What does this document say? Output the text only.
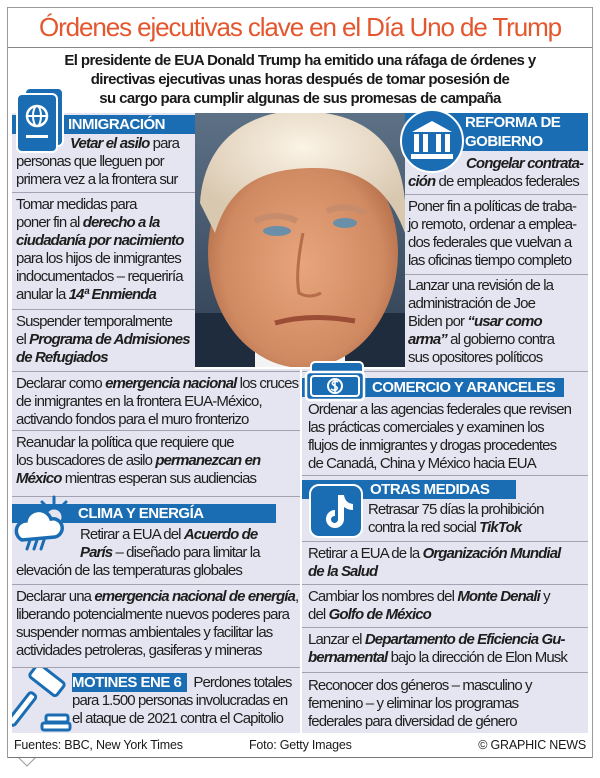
Órdenes ejecutivas clave en el Día Uno de Trump
El presidente de EUA Donald Trump ha emitido una ráfaga de órdenes y
directivas ejecutivas unas horas después de tomar posesión de
su cargo para cumplir algunas de sus promesas de campaña
INMIGRACIÓN
Vetar el asilo para
personas que lleguen por
primera vez a la frontera sur
Tomar medidas para
poner fin al derecho a la
ciudadanía por nacimiento
para los hijos de inmigrantes
indocumentados – requeriría
anular la 14ª Enmienda
Suspender temporalmente
el Programa de Admisiones
de Refugiados
Declarar como emergencia nacional los cruces
de inmigrantes en la frontera EUA-México,
activando fondos para el muro fronterizo
Reanudar la política que requiere que
los buscadores de asilo permanezcan en
México mientras esperan sus audiencias
REFORMA DE
GOBIERNO
Congelar contrata-
ción de empleados federales
Poner fin a políticas de traba-
jo remoto, ordenar a emplea-
dos federales que vuelvan a
las oficinas tiempo completo
Lanzar una revisión de la
administración de Joe
Biden por “usar como
arma” al gobierno contra
sus opositores políticos
COMERCIO Y ARANCELES
Ordenar a las agencias federales que revisen
las prácticas comerciales y examinen los
flujos de inmigrantes y drogas procedentes
de Canadá, China y México hacia EUA
OTRAS MEDIDAS
Retrasar 75 días la prohibición
contra la red social TikTok
Retirar a EUA de la Organización Mundial
de la Salud
Cambiar los nombres del Monte Denali y
del Golfo de México
Lanzar el Departamento de Eficiencia Gu-
bernamental bajo la dirección de Elon Musk
Reconocer dos géneros – masculino y
femenino – y eliminar los programas
federales para diversidad de género
CLIMA Y ENERGÍA
Retirar a EUA del Acuerdo de
París – diseñado para limitar la
elevación de las temperaturas globales
Declarar una emergencia nacional de energía,
liberando potencialmente nuevos poderes para
suspender normas ambientales y facilitar las
actividades petroleras, gasiferas y mineras
MOTINES ENE 6 Perdones totales
para 1.500 personas involucradas en
el ataque de 2021 contra el Capitolio
Fuentes: BBC, New York Times	Foto: Getty Images	© GRAPHIC NEWS
